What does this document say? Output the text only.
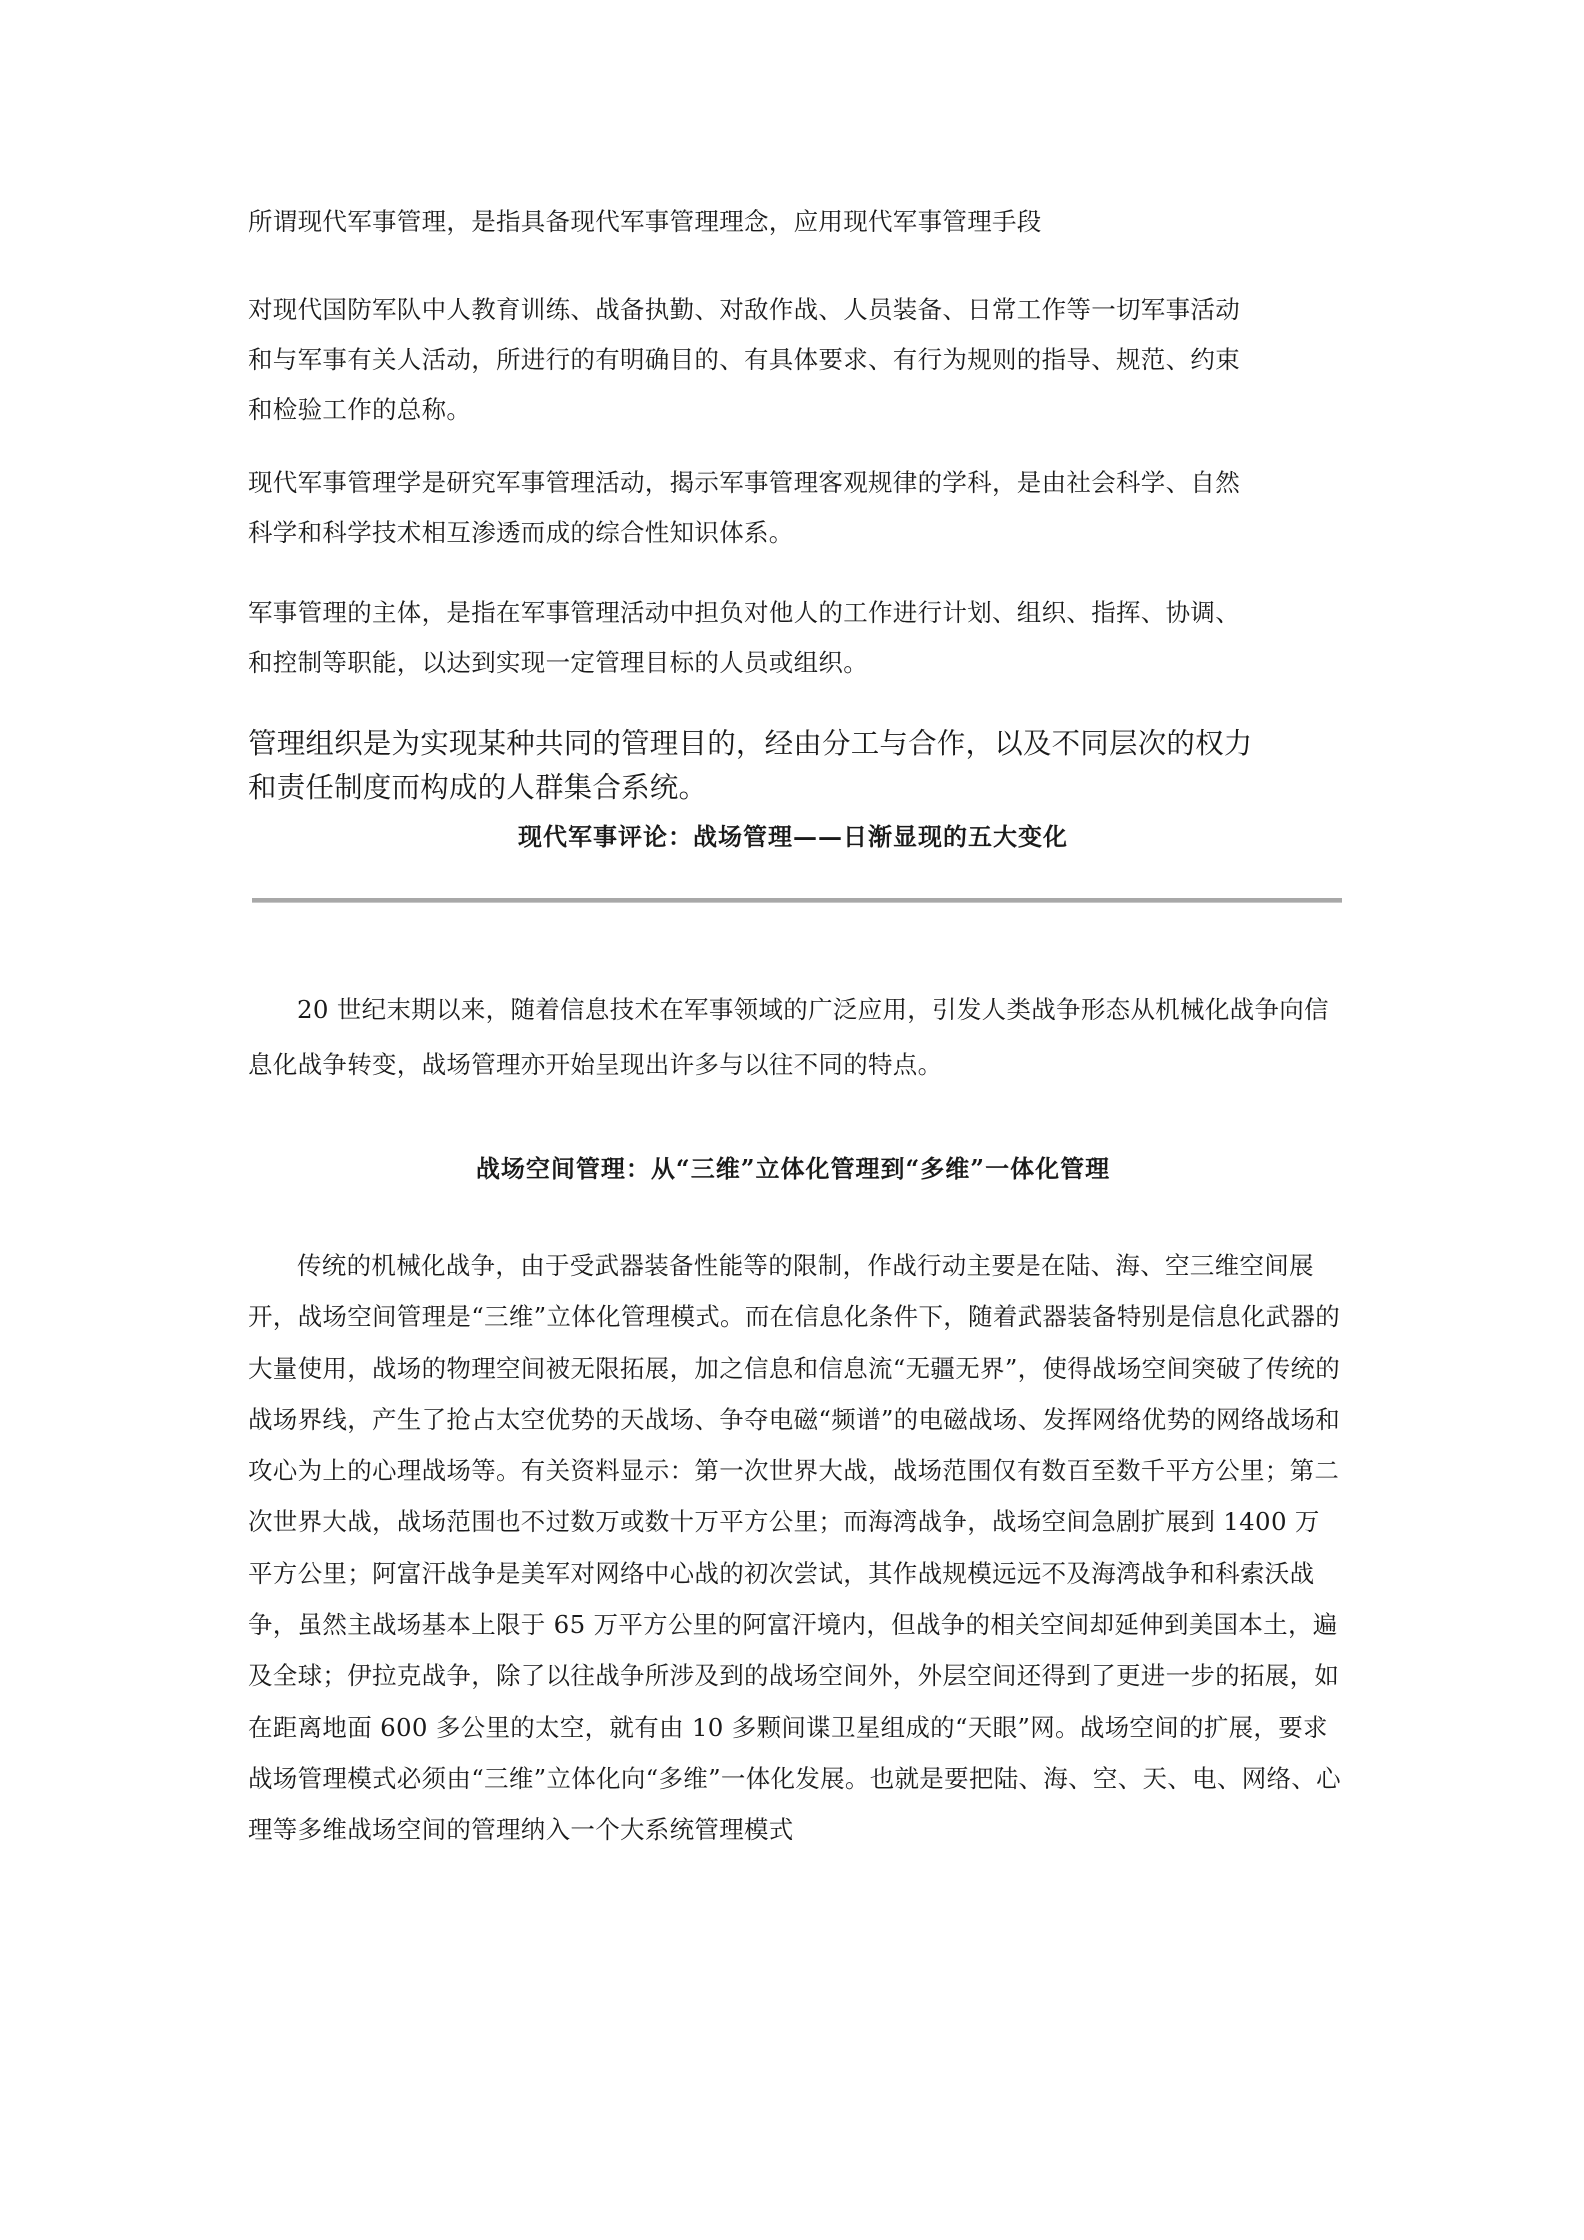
所谓现代军事管理，是指具备现代军事管理理念，应用现代军事管理手段

对现代国防军队中人教育训练、战备执勤、对敌作战、人员装备、日常工作等一切军事活动
和与军事有关人活动，所进行的有明确目的、有具体要求、有行为规则的指导、规范、约束
和检验工作的总称。

现代军事管理学是研究军事管理活动，揭示军事管理客观规律的学科，是由社会科学、自然
科学和科学技术相互渗透而成的综合性知识体系。

军事管理的主体，是指在军事管理活动中担负对他人的工作进行计划、组织、指挥、协调、
和控制等职能，以达到实现一定管理目标的人员或组织。

管理组织是为实现某种共同的管理目的，经由分工与合作，以及不同层次的权力
和责任制度而构成的人群集合系统。

现代军事评论：战场管理——日渐显现的五大变化

20 世纪末期以来，随着信息技术在军事领域的广泛应用，引发人类战争形态从机械化战争向信息化战争转变，战场管理亦开始呈现出许多与以往不同的特点。

战场空间管理：从“三维”立体化管理到“多维”一体化管理

传统的机械化战争，由于受武器装备性能等的限制，作战行动主要是在陆、海、空三维空间展开，战场空间管理是“三维”立体化管理模式。而在信息化条件下，随着武器装备特别是信息化武器的大量使用，战场的物理空间被无限拓展，加之信息和信息流“无疆无界”，使得战场空间突破了传统的战场界线，产生了抢占太空优势的天战场、争夺电磁“频谱”的电磁战场、发挥网络优势的网络战场和攻心为上的心理战场等。有关资料显示：第一次世界大战，战场范围仅有数百至数千平方公里；第二次世界大战，战场范围也不过数万或数十万平方公里；而海湾战争，战场空间急剧扩展到 1400 万平方公里；阿富汗战争是美军对网络中心战的初次尝试，其作战规模远远不及海湾战争和科索沃战争，虽然主战场基本上限于 65 万平方公里的阿富汗境内，但战争的相关空间却延伸到美国本土，遍及全球；伊拉克战争，除了以往战争所涉及到的战场空间外，外层空间还得到了更进一步的拓展，如在距离地面 600 多公里的太空，就有由 10 多颗间谍卫星组成的“天眼”网。战场空间的扩展，要求战场管理模式必须由“三维”立体化向“多维”一体化发展。也就是要把陆、海、空、天、电、网络、心理等多维战场空间的管理纳入一个大系统管理模式
